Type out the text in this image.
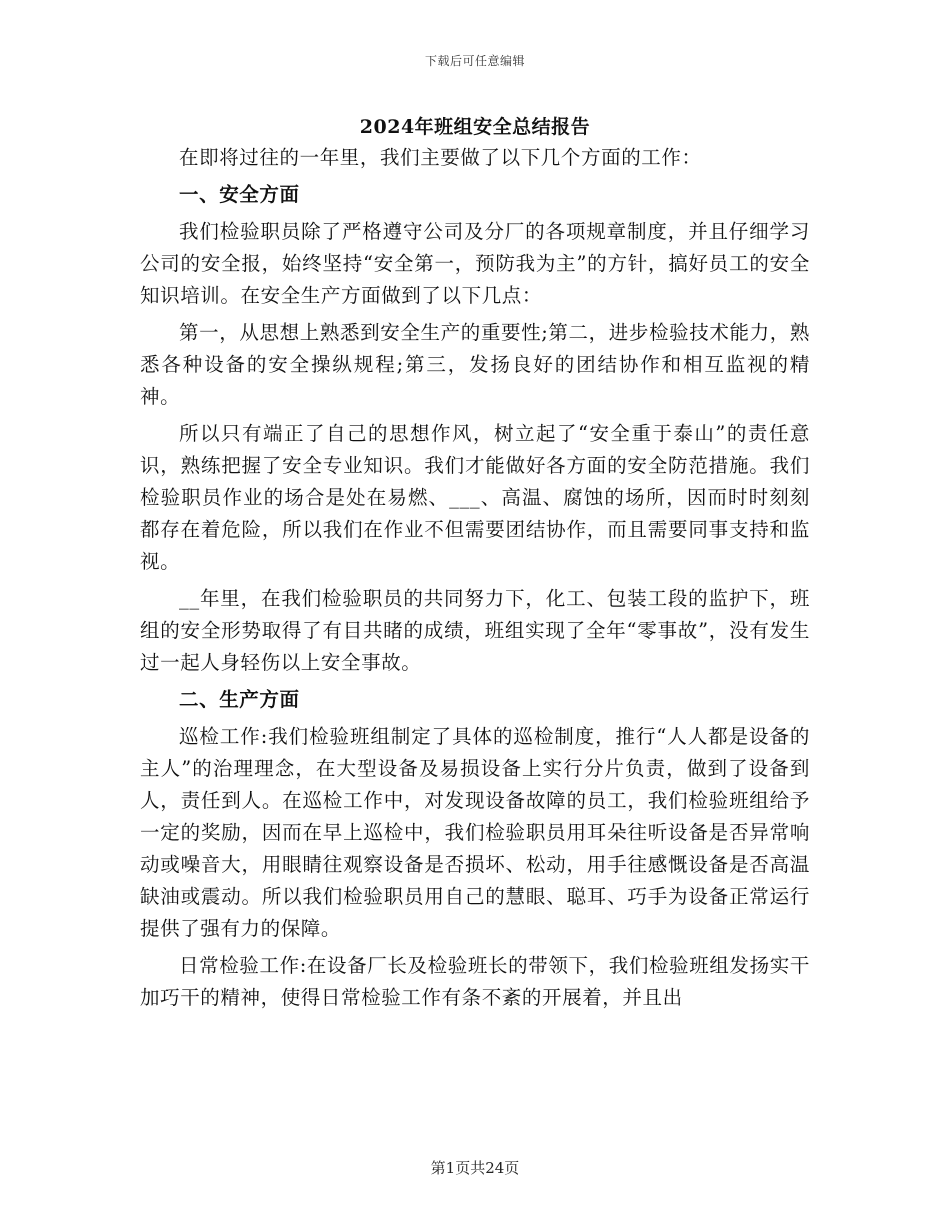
下载后可任意编辑
2024年班组安全总结报告

在即将过往的一年里，我们主要做了以下几个方面的工作：

一、安全方面

我们检验职员除了严格遵守公司及分厂的各项规章制度，并且仔细学习公司的安全报，始终坚持“安全第一，预防我为主”的方针，搞好员工的安全知识培训。在安全生产方面做到了以下几点：

第一，从思想上熟悉到安全生产的重要性;第二，进步检验技术能力，熟悉各种设备的安全操纵规程;第三，发扬良好的团结协作和相互监视的精神。

所以只有端正了自己的思想作风，树立起了“安全重于泰山”的责任意识，熟练把握了安全专业知识。我们才能做好各方面的安全防范措施。我们检验职员作业的场合是处在易燃、___、高温、腐蚀的场所，因而时时刻刻都存在着危险，所以我们在作业不但需要团结协作，而且需要同事支持和监视。

__年里，在我们检验职员的共同努力下，化工、包装工段的监护下，班组的安全形势取得了有目共睹的成绩，班组实现了全年“零事故”，没有发生过一起人身轻伤以上安全事故。

二、生产方面

巡检工作:我们检验班组制定了具体的巡检制度，推行“人人都是设备的主人”的治理理念，在大型设备及易损设备上实行分片负责，做到了设备到人，责任到人。在巡检工作中，对发现设备故障的员工，我们检验班组给予一定的奖励，因而在早上巡检中，我们检验职员用耳朵往听设备是否异常响动或噪音大，用眼睛往观察设备是否损坏、松动，用手往感慨设备是否高温缺油或震动。所以我们检验职员用自己的慧眼、聪耳、巧手为设备正常运行提供了强有力的保障。

日常检验工作:在设备厂长及检验班长的带领下，我们检验班组发扬实干加巧干的精神，使得日常检验工作有条不紊的开展着，并且出

第1页共24页
